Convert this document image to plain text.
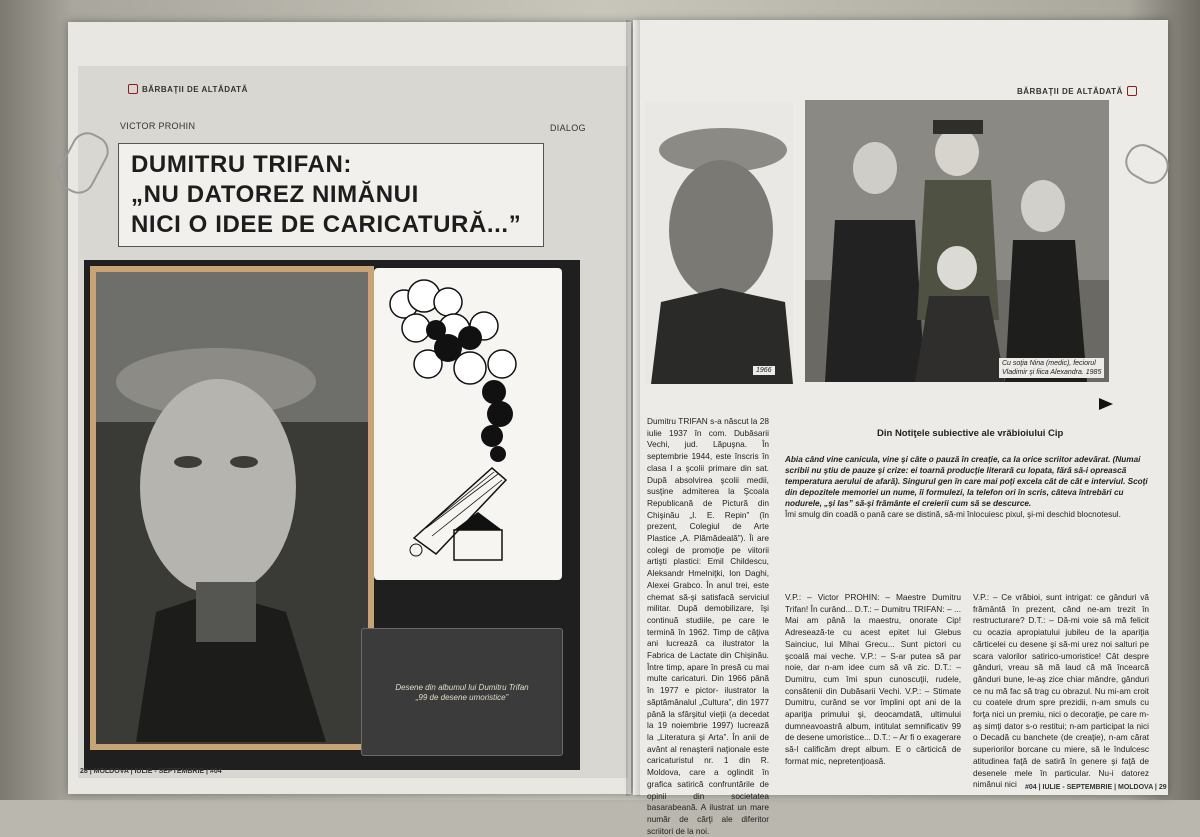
BĂRBAŢII DE ALTĂDATĂ
VICTOR PROHIN	DIALOG
DUMITRU TRIFAN:
„NU DATOREZ NIMĂNUI
NICI O IDEE DE CARICATURĂ...”
Desene din albumul lui Dumitru Trifan
„99 de desene umoristice”
28 | MOLDOVA | IULIE - SEPTEMBRIE | #04
BĂRBAŢII DE ALTĂDATĂ
1966
Cu soţia Nina (medic), feciorul
Vladimir şi fiica Alexandra. 1985

Dumitru TRIFAN s-a născut la 28 iulie 1937 în com. Dubăsarii Vechi, jud. Lăpuşna. În septembrie 1944, este înscris în clasa I a şcolii primare din sat. După absolvirea şcolii medii, susţine admiterea la Şcoala Republicană de Pictură din Chişinău „I. E. Repin” (în prezent, Colegiul de Arte Plastice „A. Plămădeală”). Îi are colegi de promoţie pe viitorii artişti plastici: Emil Childescu, Aleksandr Hmelniţki, Ion Daghi, Alexei Grabco. În anul trei, este chemat să-şi satisfacă serviciul militar. După demobilizare, îşi continuă studiile, pe care le termină în 1962. Timp de câţiva ani lucrează ca ilustrator la Fabrica de Lactate din Chişinău. Între timp, apare în presă cu mai multe caricaturi. Din 1966 până în 1977 e pictor- ilustrator la săptămânalul „Cultura”, din 1977 până la sfârşitul vieţii (a decedat la 19 noiembrie 1997) lucrează la „Literatura şi Arta”. În anii de avânt al renaşterii naţionale este caricaturistul nr. 1 din R. Moldova, care a oglindit în grafica satirică confruntările de opinii din societatea basarabeană. A ilustrat un mare număr de cărţi ale diferitor scriitori de la noi.

Din Notiţele subiective ale vrăbioiului Cip

Abia când vine canicula, vine şi câte o pauză în creaţie, ca la orice scriitor adevărat. (Numai scribii nu ştiu de pauze şi crize: ei toarnă producţie literară cu lopata, fără să-i oprească temperatura aerului de afară). Singurul gen în care mai poţi excela cât de cât e interviul. Scoţi din depozitele memoriei un nume, îi formulezi, la telefon ori în scris, câteva întrebări cu nodurele, „şi las” să-şi frământe el creierii cum să se descurce.

Îmi smulg din coadă o pană care se distină, să-mi înlocuiesc pixul, şi-mi deschid blocnotesul.

V.P.: – Victor PROHIN: – Maestre Dumitru Trifan! În curând... D.T.: – Dumitru TRIFAN: – ... Mai am până la maestru, onorate Cip! Adresează-te cu acest epitet lui Glebus Sainciuc, lui Mihai Grecu... Sunt pictori cu şcoală mai veche. V.P.: – S-ar putea să par noie, dar n-am idee cum să vă zic. D.T.: – Dumitru, cum îmi spun cunoscuţii, rudele, consătenii din Dubăsarii Vechi. V.P.: – Stimate Dumitru, curând se vor împlini opt ani de la apariţia primului şi, deocamdată, ultimului dumneavoastră album, intitulat semnificativ 99 de desene umoristice... D.T.: – Ar fi o exagerare să-l calificăm drept album. E o cărticică de format mic, nepretenţioasă.

V.P.: – Ce vrăbioi, sunt intrigat: ce gânduri vă frământă în prezent, când ne-am trezit în restructurare? D.T.: – Dă-mi voie să mă felicit cu ocazia apropiatului jubileu de la apariţia cărticelei cu desene şi să-mi urez noi salturi pe scara valorilor satirico-umoristice! Cât despre gânduri, vreau să mă laud că mă încearcă gânduri bune, le-aş zice chiar mândre, gânduri ce nu mă fac să trag cu obrazul. Nu mi-am croit cu coatele drum spre prezidii, n-am smuls cu forţa nici un premiu, nici o decoraţie, pe care m-aş simţi dator s-o restitui; n-am participat la nici o Decadă cu banchete (de creaţie), n-am cărat superiorilor borcane cu miere, să le îndulcesc atitudinea faţă de satiră în genere şi faţă de desenele mele în particular. Nu-i datorez nimănui nici	#04 | IULIE - SEPTEMBRIE | MOLDOVA | 29
